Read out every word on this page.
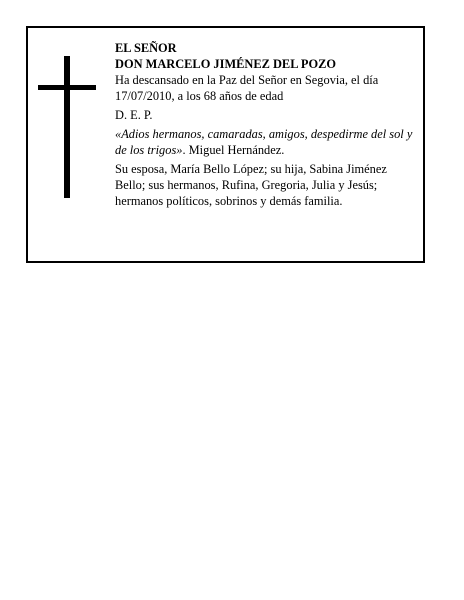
EL SEÑOR

DON MARCELO JIMÉNEZ DEL POZO

Ha descansado en la Paz del Señor en Segovia, el día 17/07/2010, a los 68 años de edad

D. E. P.

«Adios hermanos, camaradas, amigos, despedirme del sol y de los trigos». Miguel Hernández.

Su esposa, María Bello López; su hija, Sabina Jiménez Bello; sus hermanos, Rufina, Gregoria, Julia y Jesús; hermanos políticos, sobrinos y demás familia.
